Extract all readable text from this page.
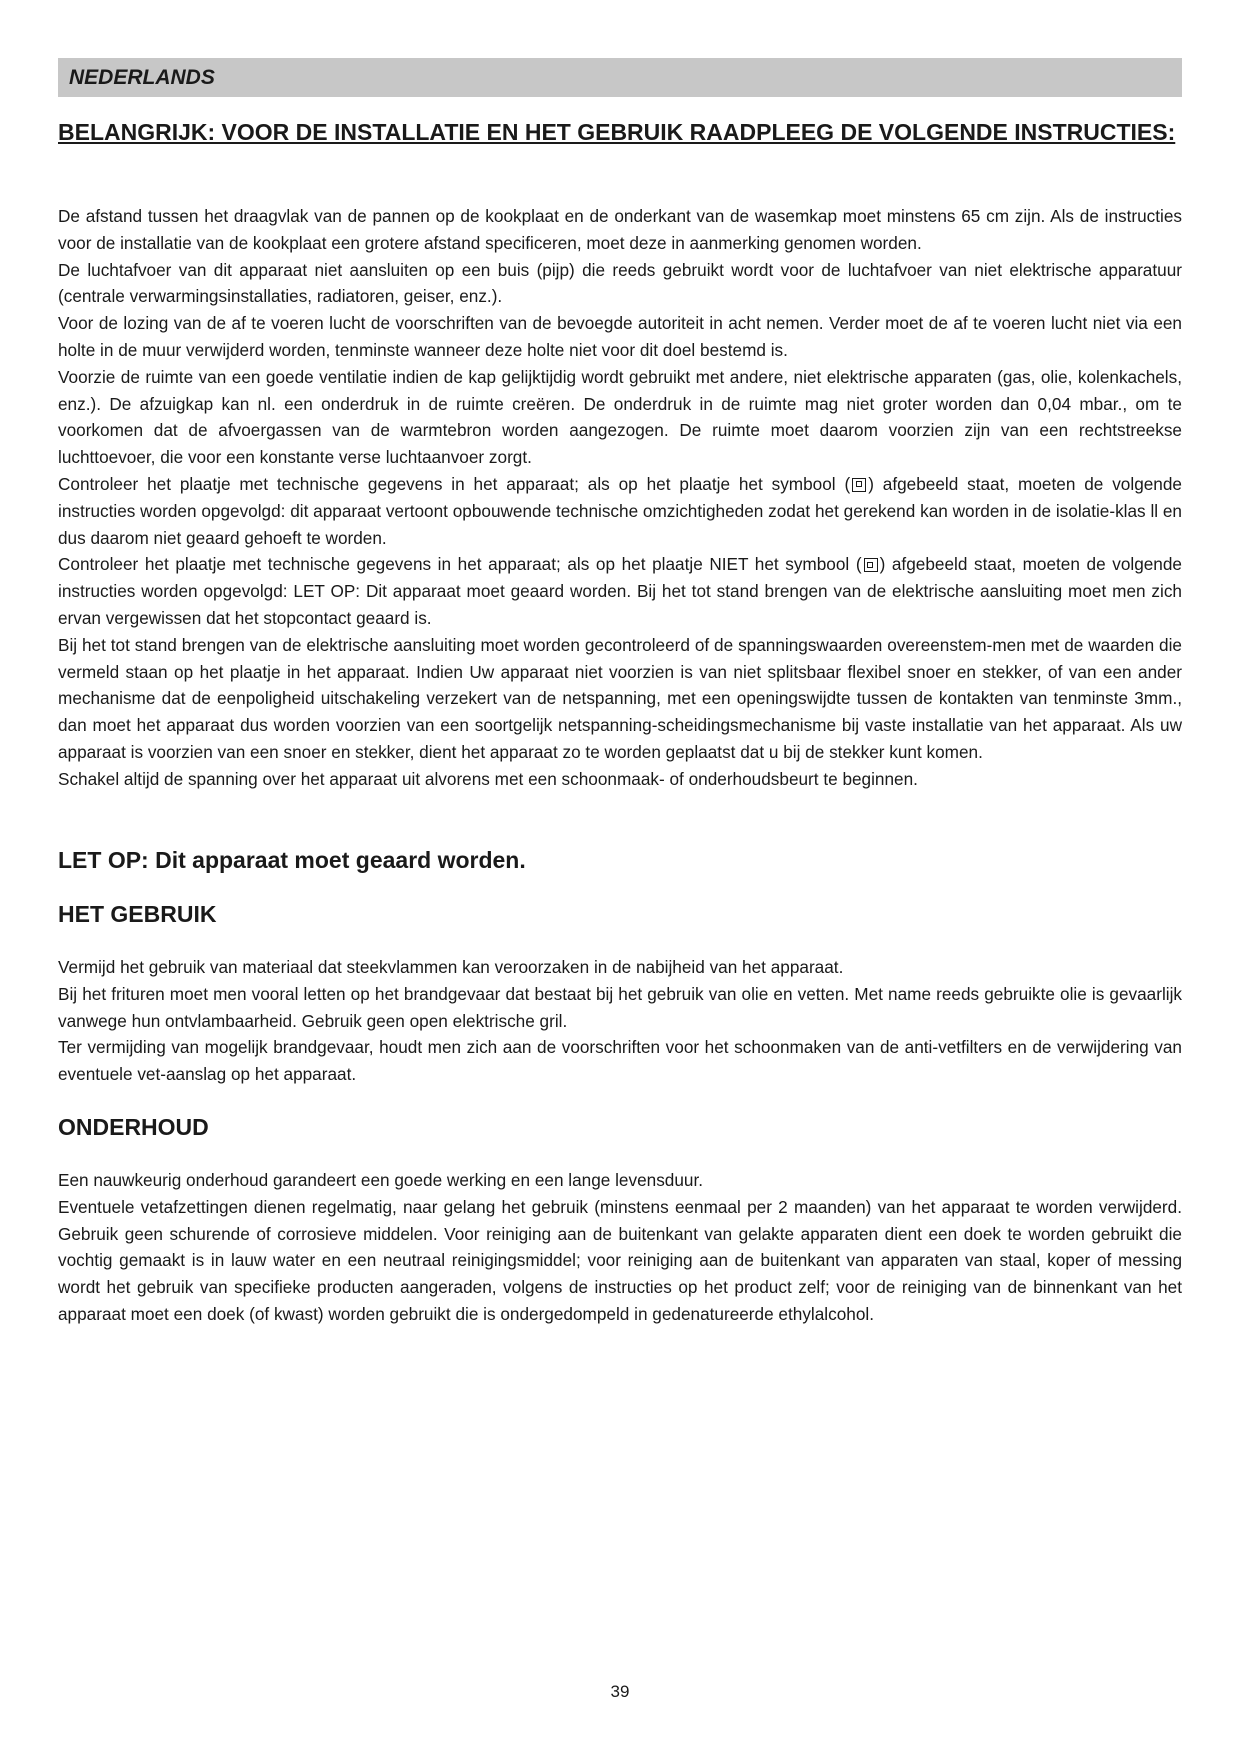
NEDERLANDS
BELANGRIJK: VOOR DE INSTALLATIE EN HET GEBRUIK RAADPLEEG DE VOLGENDE INSTRUCTIES:

De afstand tussen het draagvlak van de pannen op de kookplaat en de onderkant van de wasemkap moet minstens 65 cm zijn. Als de instructies voor de installatie van de kookplaat een grotere afstand specificeren, moet deze in aanmerking genomen worden.

De luchtafvoer van dit apparaat niet aansluiten op een buis (pijp) die reeds gebruikt wordt voor de luchtafvoer van niet elektrische apparatuur (centrale verwarmingsinstallaties, radiatoren, geiser, enz.).

Voor de lozing van de af te voeren lucht de voorschriften van de bevoegde autoriteit in acht nemen. Verder moet de af te voeren lucht niet via een holte in de muur verwijderd worden, tenminste wanneer deze holte niet voor dit doel bestemd is.

Voorzie de ruimte van een goede ventilatie indien de kap gelijktijdig wordt gebruikt met andere, niet elektrische apparaten (gas, olie, kolenkachels, enz.). De afzuigkap kan nl. een onderdruk in de ruimte creëren. De onderdruk in de ruimte mag niet groter worden dan 0,04 mbar., om te voorkomen dat de afvoergassen van de warmtebron worden aangezogen. De ruimte moet daarom voorzien zijn van een rechtstreekse luchttoevoer, die voor een konstante verse luchtaanvoer zorgt.

Controleer het plaatje met technische gegevens in het apparaat; als op het plaatje het symbool ( ) afgebeeld staat, moeten de volgende instructies worden opgevolgd: dit apparaat vertoont opbouwende technische omzichtigheden zodat het gerekend kan worden in de isolatie-klas ll en dus daarom niet geaard gehoeft te worden.

Controleer het plaatje met technische gegevens in het apparaat; als op het plaatje NIET het symbool ( ) afgebeeld staat, moeten de volgende instructies worden opgevolgd: LET OP: Dit apparaat moet geaard worden. Bij het tot stand brengen van de elektrische aansluiting moet men zich ervan vergewissen dat het stopcontact geaard is.

Bij het tot stand brengen van de elektrische aansluiting moet worden gecontroleerd of de spanningswaarden overeenstem-men met de waarden die vermeld staan op het plaatje in het apparaat. Indien Uw apparaat niet voorzien is van niet splitsbaar flexibel snoer en stekker, of van een ander mechanisme dat de eenpoligheid uitschakeling verzekert van de netspanning, met een openingswijdte tussen de kontakten van tenminste 3mm., dan moet het apparaat dus worden voorzien van een soortgelijk netspanning-scheidingsmechanisme bij vaste installatie van het apparaat. Als uw apparaat is voorzien van een snoer en stekker, dient het apparaat zo te worden geplaatst dat u bij de stekker kunt komen.

Schakel altijd de spanning over het apparaat uit alvorens met een schoonmaak- of onderhoudsbeurt te beginnen.

LET OP: Dit apparaat moet geaard worden.
HET GEBRUIK

Vermijd het gebruik van materiaal dat steekvlammen kan veroorzaken in de nabijheid van het apparaat.

Bij het frituren moet men vooral letten op het brandgevaar dat bestaat bij het gebruik van olie en vetten. Met name reeds gebruikte olie is gevaarlijk vanwege hun ontvlambaarheid. Gebruik geen open elektrische gril.

Ter vermijding van mogelijk brandgevaar, houdt men zich aan de voorschriften voor het schoonmaken van de anti-vetfilters en de verwijdering van eventuele vet-aanslag op het apparaat.

ONDERHOUD

Een nauwkeurig onderhoud garandeert een goede werking en een lange levensduur.

Eventuele vetafzettingen dienen regelmatig, naar gelang het gebruik (minstens eenmaal per 2 maanden) van het apparaat te worden verwijderd. Gebruik geen schurende of corrosieve middelen. Voor reiniging aan de buitenkant van gelakte apparaten dient een doek te worden gebruikt die vochtig gemaakt is in lauw water en een neutraal reinigingsmiddel; voor reiniging aan de buitenkant van apparaten van staal, koper of messing wordt het gebruik van specifieke producten aangeraden, volgens de instructies op het product zelf; voor de reiniging van de binnenkant van het apparaat moet een doek (of kwast) worden gebruikt die is ondergedompeld in gedenatureerde ethylalcohol.

39
